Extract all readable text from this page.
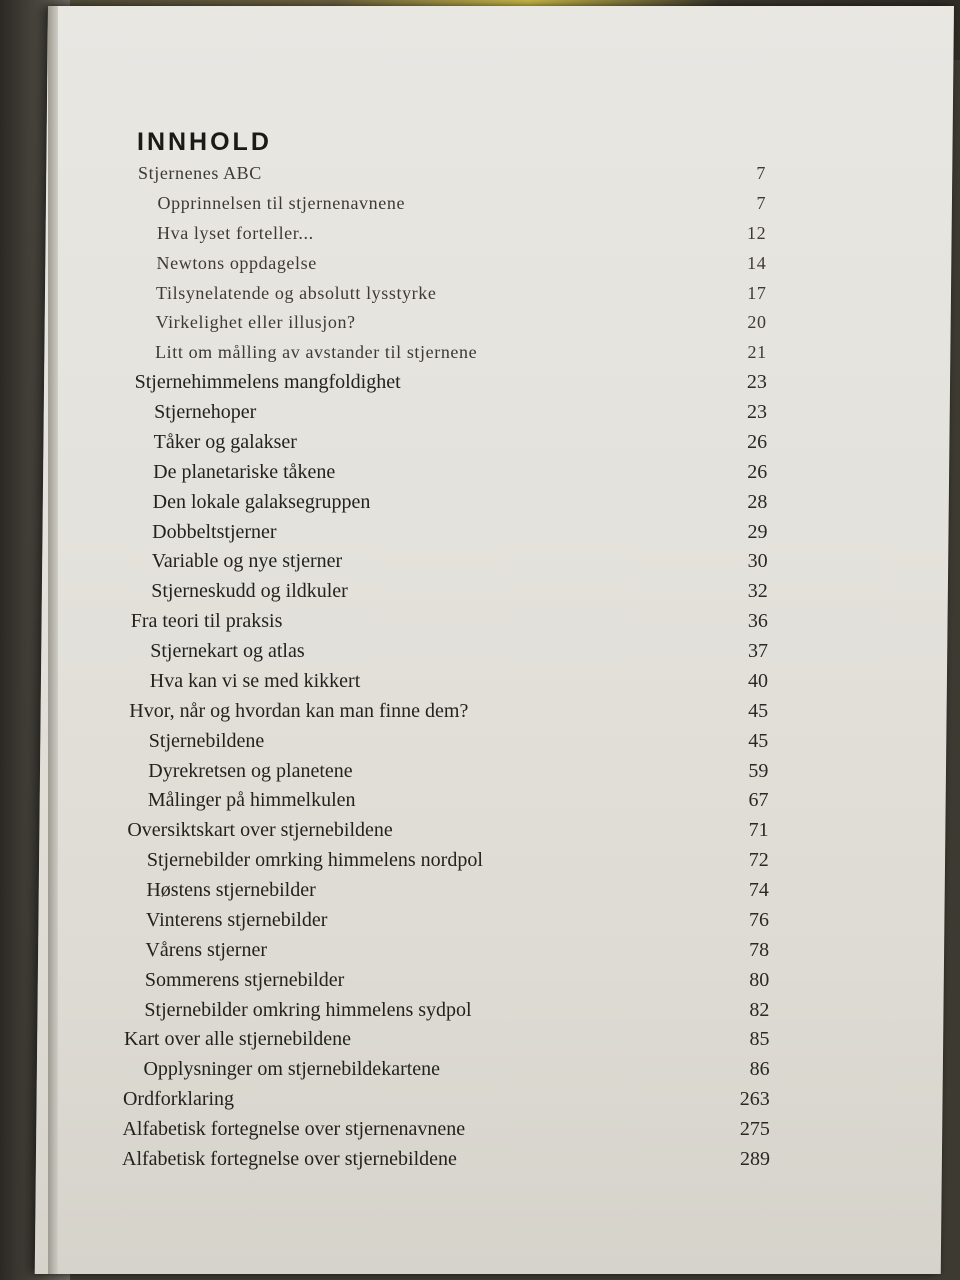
INNHOLD
Stjernenes ABC	7
Opprinnelsen til stjernenavnene	7
Hva lyset forteller...	12
Newtons oppdagelse	14
Tilsynelatende og absolutt lysstyrke	17
Virkelighet eller illusjon?	20
Litt om målling av avstander til stjernene	21
Stjernehimmelens mangfoldighet	23
Stjernehoper	23
Tåker og galakser	26
De planetariske tåkene	26
Den lokale galaksegruppen	28
Dobbeltstjerner	29
Variable og nye stjerner	30
Stjerneskudd og ildkuler	32
Fra teori til praksis	36
Stjernekart og atlas	37
Hva kan vi se med kikkert	40
Hvor, når og hvordan kan man finne dem?	45
Stjernebildene	45
Dyrekretsen og planetene	59
Målinger på himmelkulen	67
Oversiktskart over stjernebildene	71
Stjernebilder omrking himmelens nordpol	72
Høstens stjernebilder	74
Vinterens stjernebilder	76
Vårens stjerner	78
Sommerens stjernebilder	80
Stjernebilder omkring himmelens sydpol	82
Kart over alle stjernebildene	85
Opplysninger om stjernebildekartene	86
Ordforklaring	263
Alfabetisk fortegnelse over stjernenavnene	275
Alfabetisk fortegnelse over stjernebildene	289
